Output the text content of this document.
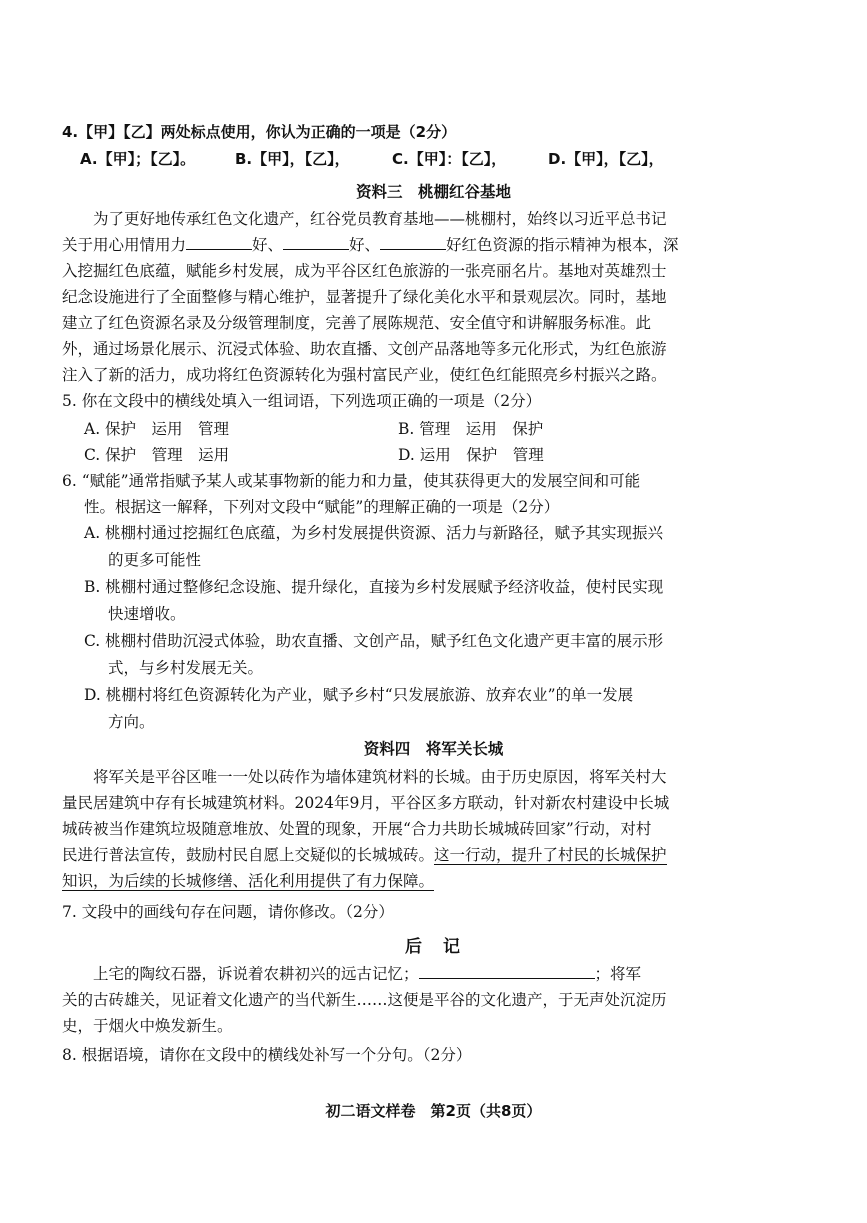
4.【甲】【乙】两处标点使用，你认为正确的一项是（2分）
A.【甲】；【乙】。	B.【甲】，【乙】，	C.【甲】：【乙】，	D.【甲】，【乙】，
资料三　桃棚红谷基地

为了更好地传承红色文化遗产，红谷党员教育基地——桃棚村，始终以习近平总书记

关于用心用情用力	好、	好、	好红色资源的指示精神为根本，深

入挖掘红色底蕴，赋能乡村发展，成为平谷区红色旅游的一张亮丽名片。基地对英雄烈士

纪念设施进行了全面整修与精心维护，显著提升了绿化美化水平和景观层次。同时，基地

建立了红色资源名录及分级管理制度，完善了展陈规范、安全值守和讲解服务标准。此

外，通过场景化展示、沉浸式体验、助农直播、文创产品落地等多元化形式，为红色旅游

注入了新的活力，成功将红色资源转化为强村富民产业，使红色红能照亮乡村振兴之路。

5. 你在文段中的横线处填入一组词语，下列选项正确的一项是（2分）
A. 保护　运用　管理	B. 管理　运用　保护
C. 保护　管理　运用	D. 运用　保护　管理
6. “赋能”通常指赋予某人或某事物新的能力和力量，使其获得更大的发展空间和可能
性。根据这一解释，下列对文段中“赋能”的理解正确的一项是（2分）

A. 桃棚村通过挖掘红色底蕴，为乡村发展提供资源、活力与新路径，赋予其实现振兴

的更多可能性

B. 桃棚村通过整修纪念设施、提升绿化，直接为乡村发展赋予经济收益，使村民实现

快速增收。

C. 桃棚村借助沉浸式体验，助农直播、文创产品，赋予红色文化遗产更丰富的展示形

式，与乡村发展无关。

D. 桃棚村将红色资源转化为产业，赋予乡村“只发展旅游、放弃农业”的单一发展

方向。

资料四　将军关长城

将军关是平谷区唯一一处以砖作为墙体建筑材料的长城。由于历史原因，将军关村大

量民居建筑中存有长城建筑材料。2024年9月，平谷区多方联动，针对新农村建设中长城

城砖被当作建筑垃圾随意堆放、处置的现象，开展“合力共助长城城砖回家”行动，对村

民进行普法宣传，鼓励村民自愿上交疑似的长城城砖。这一行动，提升了村民的长城保护

知识，为后续的长城修缮、活化利用提供了有力保障。

7. 文段中的画线句存在问题，请你修改。（2分）
后　记

上宅的陶纹石器，诉说着农耕初兴的远古记忆；	；将军

关的古砖雄关，见证着文化遗产的当代新生……这便是平谷的文化遗产，于无声处沉淀历

史，于烟火中焕发新生。

8. 根据语境，请你在文段中的横线处补写一个分句。（2分）
初二语文样卷　第2页（共8页）
